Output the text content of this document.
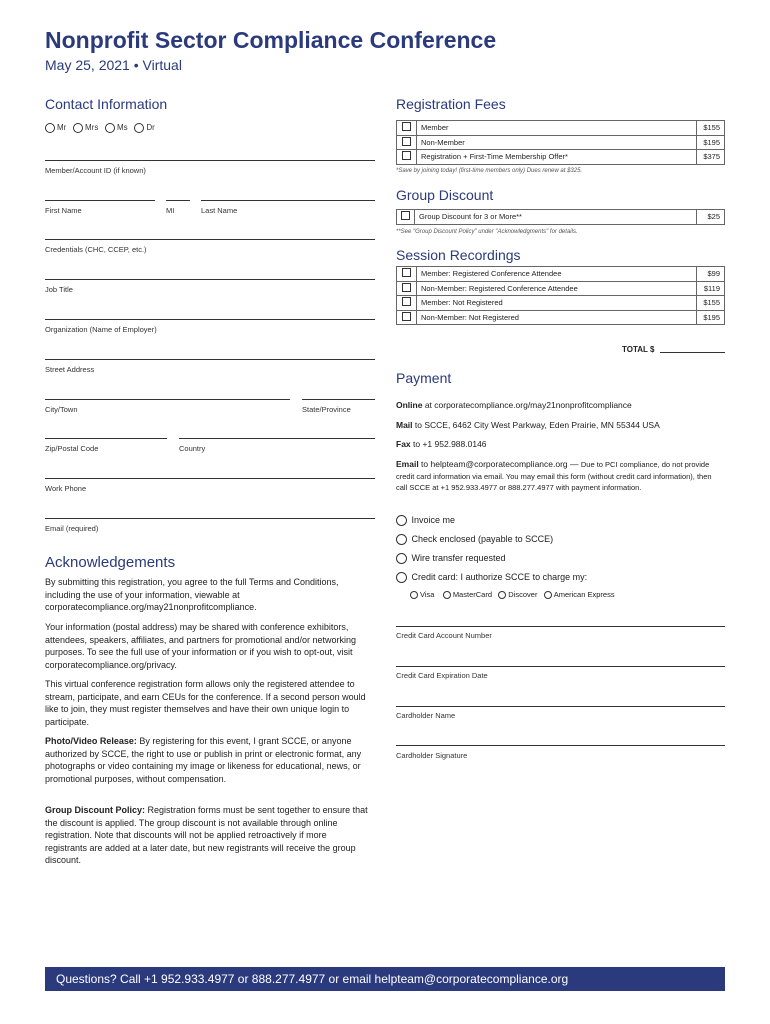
Nonprofit Sector Compliance Conference
May 25, 2021 • Virtual
Contact Information
Mr Mrs Ms Dr
Member/Account ID (if known)
First Name	MI	Last Name
Credentials (CHC, CCEP, etc.)
Job Title
Organization (Name of Employer)
Street Address
City/Town	State/Province
Zip/Postal Code	Country
Work Phone
Email (required)
Acknowledgements
By submitting this registration, you agree to the full Terms and Conditions, including the use of your information, viewable at corporatecompliance.org/may21nonprofitcompliance.
Your information (postal address) may be shared with conference exhibitors, attendees, speakers, affiliates, and partners for promotional and/or networking purposes. To see the full use of your information or if you wish to opt-out, visit corporatecompliance.org/privacy.
This virtual conference registration form allows only the registered attendee to stream, participate, and earn CEUs for the conference. If a second person would like to join, they must register themselves and have their own unique login to participate.
Photo/Video Release: By registering for this event, I grant SCCE, or anyone authorized by SCCE, the right to use or publish in print or electronic format, any photographs or video containing my image or likeness for educational, news, or promotional purposes, without compensation.
Group Discount Policy: Registration forms must be sent together to ensure that the discount is applied. The group discount is not available through online registration. Note that discounts will not be applied retroactively if more registrants are added at a later date, but new registrants will receive the group discount.
Registration Fees
	Member	$155
	Non-Member	$195
	Registration + First-Time Membership Offer*	$375
*Save by joining today! (first-time members only) Dues renew at $325.
Group Discount
	Group Discount for 3 or More**	$25
**See "Group Discount Policy" under "Acknowledgments" for details.
Session Recordings
	Member: Registered Conference Attendee	$99
	Non-Member: Registered Conference Attendee	$119
	Member: Not Registered	$155
	Non-Member: Not Registered	$195
TOTAL $
Payment
Online at corporatecompliance.org/may21nonprofitcompliance
Mail to SCCE, 6462 City West Parkway, Eden Prairie, MN 55344 USA
Fax to +1 952.988.0146
Email to helpteam@corporatecompliance.org — Due to PCI compliance, do not provide credit card information via email. You may email this form (without credit card information), then call SCCE at +1 952.933.4977 or 888.277.4977 with payment information.
Invoice me
Check enclosed (payable to SCCE)
Wire transfer requested
Credit card: I authorize SCCE to charge my:
Visa MasterCard Discover American Express
Credit Card Account Number
Credit Card Expiration Date
Cardholder Name
Cardholder Signature
Questions? Call +1 952.933.4977 or 888.277.4977 or email helpteam@corporatecompliance.org
